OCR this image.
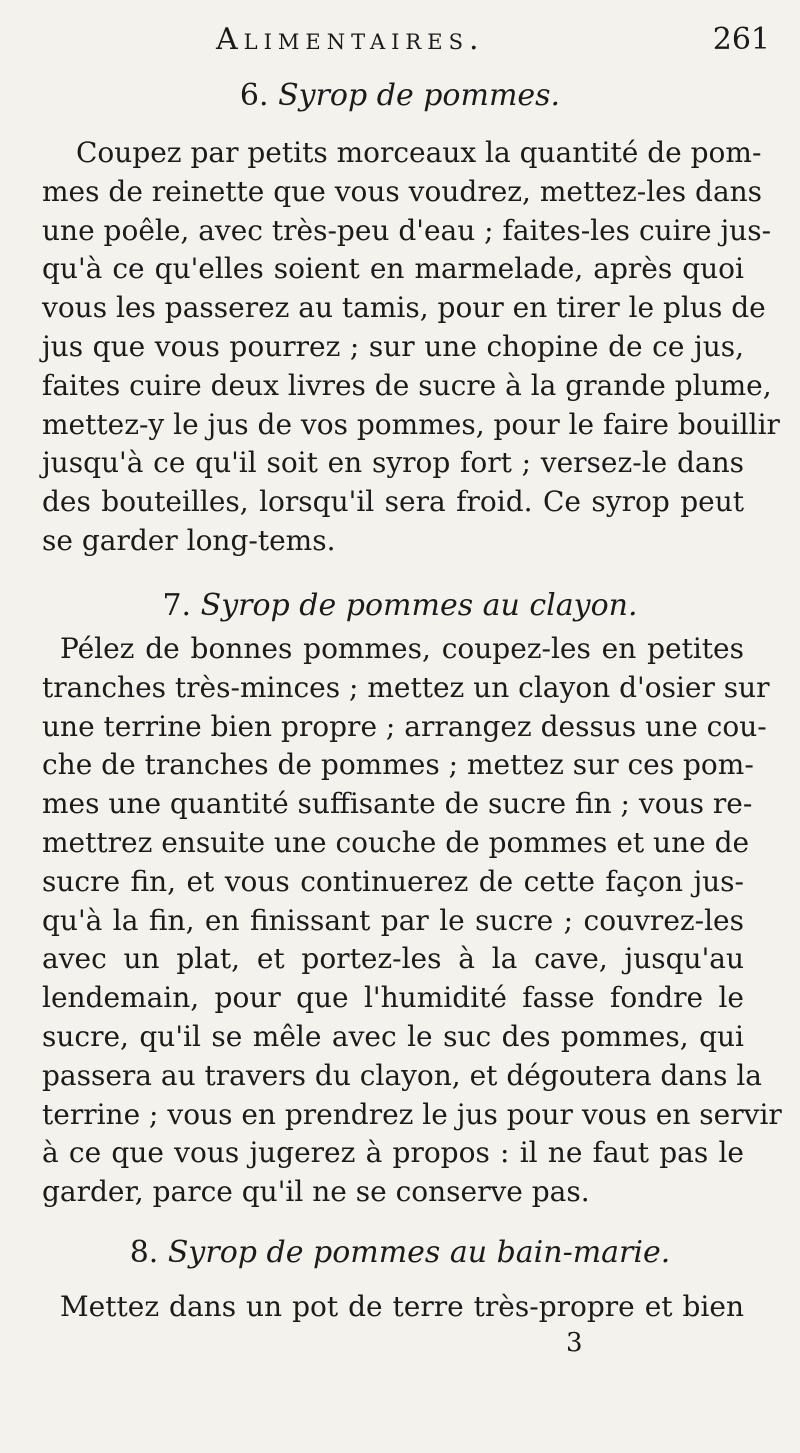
Alimentaires.	261
6. Syrop de pommes.
Coupez par petits morceaux la quantité de pom-
mes de reinette que vous voudrez, mettez-les dans
une poêle, avec très-peu d'eau ; faites-les cuire jus-
qu'à ce qu'elles soient en marmelade, après quoi
vous les passerez au tamis, pour en tirer le plus de
jus que vous pourrez ; sur une chopine de ce jus,
faites cuire deux livres de sucre à la grande plume,
mettez-y le jus de vos pommes, pour le faire bouillir
jusqu'à ce qu'il soit en syrop fort ; versez-le dans
des bouteilles, lorsqu'il sera froid. Ce syrop peut
se garder long-tems.
7. Syrop de pommes au clayon.
Pélez de bonnes pommes, coupez-les en petites
tranches très-minces ; mettez un clayon d'osier sur
une terrine bien propre ; arrangez dessus une cou-
che de tranches de pommes ; mettez sur ces pom-
mes une quantité suffisante de sucre fin ; vous re-
mettrez ensuite une couche de pommes et une de
sucre fin, et vous continuerez de cette façon jus-
qu'à la fin, en finissant par le sucre ; couvrez-les
avec un plat, et portez-les à la cave, jusqu'au
lendemain, pour que l'humidité fasse fondre le
sucre, qu'il se mêle avec le suc des pommes, qui
passera au travers du clayon, et dégoutera dans la
terrine ; vous en prendrez le jus pour vous en servir
à ce que vous jugerez à propos : il ne faut pas le
garder, parce qu'il ne se conserve pas.
8. Syrop de pommes au bain-marie.
Mettez dans un pot de terre très-propre et bien
3
